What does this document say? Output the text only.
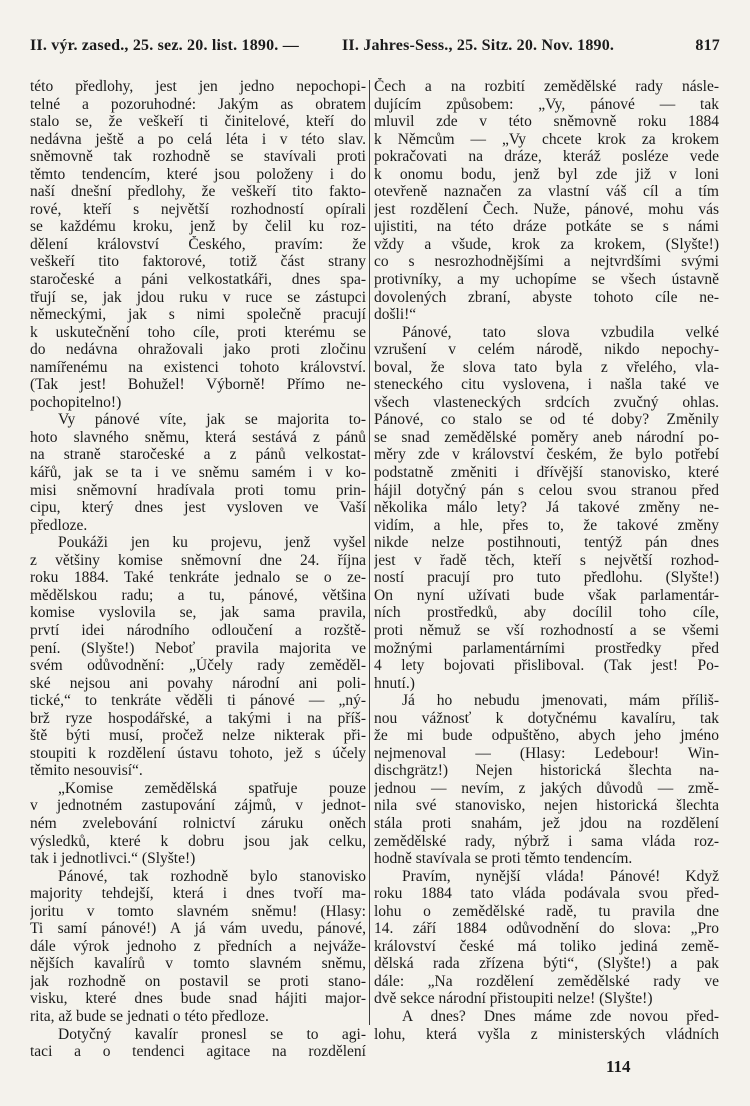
II. výr. zased., 25. sez. 20. list. 1890. —	II. Jahres-Sess., 25. Sitz. 20. Nov. 1890.	817
této předlohy, jest jen jedno nepochopi-
telné a pozoruhodné: Jakým as obratem
stalo se, že veškeří ti činitelové, kteří do
nedávna ještě a po celá léta i v této slav.
sněmovně tak rozhodně se stavívali proti
těmto tendencím, které jsou položeny i do
naší dnešní předlohy, že veškeří tito fakto-
rové, kteří s největší rozhodností opírali
se každému kroku, jenž by čelil ku roz-
dělení království Českého, pravím: že
veškeří tito faktorové, totiž část strany
staročeské a páni velkostatkáři, dnes spa-
třují se, jak jdou ruku v ruce se zástupci
německými, jak s nimi společně pracují
k uskutečnění toho cíle, proti kterému se
do nedávna ohražovali jako proti zločinu
namířenému na existenci tohoto království.
(Tak jest! Bohužel! Výborně! Přímo ne-
pochopitelno!)
Vy pánové víte, jak se majorita to-
hoto slavného sněmu, která sestává z pánů
na straně staročeské a z pánů velkostat-
kářů, jak se ta i ve sněmu samém i v ko-
misi sněmovní hradívala proti tomu prin-
cipu, který dnes jest vysloven ve Vaší
předloze.
Poukáži jen ku projevu, jenž vyšel
z většiny komise sněmovní dne 24. října
roku 1884. Také tenkráte jednalo se o ze-
mědělskou radu; a tu, pánové, většina
komise vyslovila se, jak sama pravila,
prvtí idei národního odloučení a rozště-
pení. (Slyšte!) Neboť pravila majorita ve
svém odůvodnění: „Účely rady zeměděl-
ské nejsou ani povahy národní ani poli-
tické,“ to tenkráte věděli ti pánové — „ný-
brž ryze hospodářské, a takými i na příš-
ště býti musí, pročež nelze nikterak při-
stoupiti k rozdělení ústavu tohoto, jež s účely
těmito nesouvisí“.
„Komise zemědělská spatřuje pouze
v jednotném zastupování zájmů, v jednot-
ném zvelebování rolnictví záruku oněch
výsledků, které k dobru jsou jak celku,
tak i jednotlivci.“ (Slyšte!)
Pánové, tak rozhodně bylo stanovisko
majority tehdejší, která i dnes tvoří ma-
joritu v tomto slavném sněmu! (Hlasy:
Ti samí pánové!) A já vám uvedu, pánové,
dále výrok jednoho z předních a nejváže-
nějších kavalírů v tomto slavném sněmu,
jak rozhodně on postavil se proti stano-
visku, které dnes bude snad hájiti major-
rita, až bude se jednati o této předloze.
Dotyčný kavalír pronesl se to agi-
taci a o tendenci agitace na rozdělení
Čech a na rozbití zemědělské rady násle-
dujícím způsobem: „Vy, pánové — tak
mluvil zde v této sněmovně roku 1884
k Němcům — „Vy chcete krok za krokem
pokračovati na dráze, kteráž posléze vede
k onomu bodu, jenž byl zde již v loni
otevřeně naznačen za vlastní váš cíl a tím
jest rozdělení Čech. Nuže, pánové, mohu vás
ujistiti, na této dráze potkáte se s námi
vždy a všude, krok za krokem, (Slyšte!)
co s nesrozhodnějšími a nejtvrdšími svými
protivníky, a my uchopíme se všech ústavně
dovolených zbraní, abyste tohoto cíle ne-
došli!“
Pánové, tato slova vzbudila velké
vzrušení v celém národě, nikdo nepochy-
boval, že slova tato byla z vřelého, vla-
steneckého citu vyslovena, i našla také ve
všech vlasteneckých srdcích zvučný ohlas.
Pánové, co stalo se od té doby? Změnily
se snad zemědělské poměry aneb národní po-
měry zde v království českém, že bylo potřebí
podstatně změniti i dřívější stanovisko, které
hájil dotyčný pán s celou svou stranou před
několika málo lety? Já takové změny ne-
vidím, a hle, přes to, že takové změny
nikde nelze postihnouti, tentýž pán dnes
jest v řadě těch, kteří s největší rozhod-
ností pracují pro tuto předlohu. (Slyšte!)
On nyní užívati bude však parlamentár-
ních prostředků, aby docílil toho cíle,
proti němuž se vší rozhodností a se všemi
možnými parlamentárními prostředky před
4 lety bojovati přisliboval. (Tak jest! Po-
hnutí.)
Já ho nebudu jmenovati, mám příliš-
nou vážnosť k dotyčnému kavalíru, tak
že mi bude odpuštěno, abych jeho jméno
nejmenoval — (Hlasy: Ledebour! Win-
dischgrätz!) Nejen historická šlechta na-
jednou — nevím, z jakých důvodů — změ-
nila své stanovisko, nejen historická šlechta
stála proti snahám, jež jdou na rozdělení
zemědělské rady, nýbrž i sama vláda roz-
hodně stavívala se proti těmto tendencím.
Pravím, nynější vláda! Pánové! Když
roku 1884 tato vláda podávala svou před-
lohu o zemědělské radě, tu pravila dne
14. září 1884 odůvodnění do slova: „Pro
království české má toliko jediná země-
dělská rada zřízena býti“, (Slyšte!) a pak
dále: „Na rozdělení zemědělské rady ve
dvě sekce národní přistoupiti nelze! (Slyšte!)
A dnes? Dnes máme zde novou před-
lohu, která vyšla z ministerských vládních
114
